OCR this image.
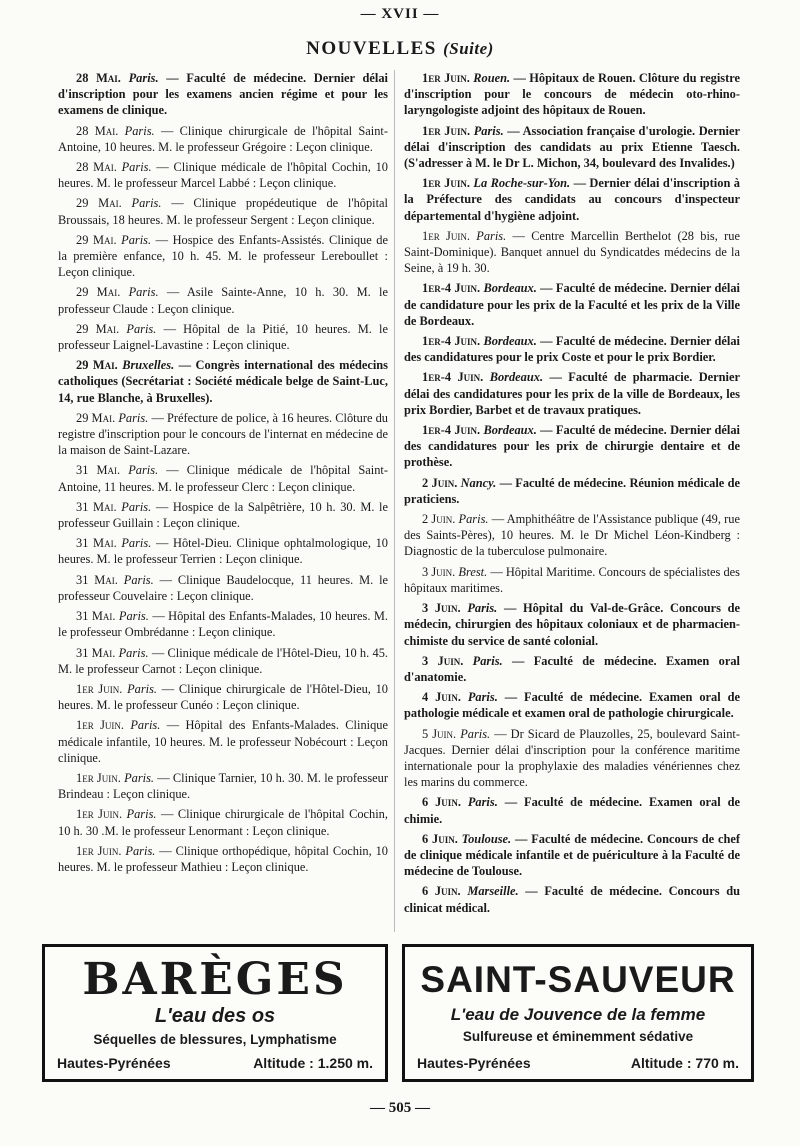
— XVII —
NOUVELLES (Suite)

28 Mai. Paris. — Faculté de médecine. Dernier délai d'inscription pour les examens ancien régime et pour les examens de clinique.

28 Mai. Paris. — Clinique chirurgicale de l'hôpital Saint-Antoine, 10 heures. M. le professeur Grégoire : Leçon clinique.

28 Mai. Paris. — Clinique médicale de l'hôpital Cochin, 10 heures. M. le professeur Marcel Labbé : Leçon clinique.

29 Mai. Paris. — Clinique propédeutique de l'hôpital Broussais, 18 heures. M. le professeur Sergent : Leçon clinique.

29 Mai. Paris. — Hospice des Enfants-Assistés. Clinique de la première enfance, 10 h. 45. M. le professeur Lereboullet : Leçon clinique.

29 Mai. Paris. — Asile Sainte-Anne, 10 h. 30. M. le professeur Claude : Leçon clinique.

29 Mai. Paris. — Hôpital de la Pitié, 10 heures. M. le professeur Laignel-Lavastine : Leçon clinique.

29 Mai. Bruxelles. — Congrès international des médecins catholiques (Secrétariat : Société médicale belge de Saint-Luc, 14, rue Blanche, à Bruxelles).

29 Mai. Paris. — Préfecture de police, à 16 heures. Clôture du registre d'inscription pour le concours de l'internat en médecine de la maison de Saint-Lazare.

31 Mai. Paris. — Clinique médicale de l'hôpital Saint-Antoine, 11 heures. M. le professeur Clerc : Leçon clinique.

31 Mai. Paris. — Hospice de la Salpêtrière, 10 h. 30. M. le professeur Guillain : Leçon clinique.

31 Mai. Paris. — Hôtel-Dieu. Clinique ophtalmologique, 10 heures. M. le professeur Terrien : Leçon clinique.

31 Mai. Paris. — Clinique Baudelocque, 11 heures. M. le professeur Couvelaire : Leçon clinique.

31 Mai. Paris. — Hôpital des Enfants-Malades, 10 heures. M. le professeur Ombrédanne : Leçon clinique.

31 Mai. Paris. — Clinique médicale de l'Hôtel-Dieu, 10 h. 45. M. le professeur Carnot : Leçon clinique.

1er Juin. Paris. — Clinique chirurgicale de l'Hôtel-Dieu, 10 heures. M. le professeur Cunéo : Leçon clinique.

1er Juin. Paris. — Hôpital des Enfants-Malades. Clinique médicale infantile, 10 heures. M. le professeur Nobécourt : Leçon clinique.

1er Juin. Paris. — Clinique Tarnier, 10 h. 30. M. le professeur Brindeau : Leçon clinique.

1er Juin. Paris. — Clinique chirurgicale de l'hôpital Cochin, 10 h. 30 .M. le professeur Lenormant : Leçon clinique.

1er Juin. Paris. — Clinique orthopédique, hôpital Cochin, 10 heures. M. le professeur Mathieu : Leçon clinique.

1er Juin. Rouen. — Hôpitaux de Rouen. Clôture du registre d'inscription pour le concours de médecin oto-rhino-laryngologiste adjoint des hôpitaux de Rouen.

1er Juin. Paris. — Association française d'urologie. Dernier délai d'inscription des candidats au prix Etienne Taesch. (S'adresser à M. le Dr L. Michon, 34, boulevard des Invalides.)

1er Juin. La Roche-sur-Yon. — Dernier délai d'inscription à la Préfecture des candidats au concours d'inspecteur départemental d'hygiène adjoint.

1er Juin. Paris. — Centre Marcellin Berthelot (28 bis, rue Saint-Dominique). Banquet annuel du Syndicatdes médecins de la Seine, à 19 h. 30.

1er-4 Juin. Bordeaux. — Faculté de médecine. Dernier délai de candidature pour les prix de la Faculté et les prix de la Ville de Bordeaux.

1er-4 Juin. Bordeaux. — Faculté de médecine. Dernier délai des candidatures pour le prix Coste et pour le prix Bordier.

1er-4 Juin. Bordeaux. — Faculté de pharmacie. Dernier délai des candidatures pour les prix de la ville de Bordeaux, les prix Bordier, Barbet et de travaux pratiques.

1er-4 Juin. Bordeaux. — Faculté de médecine. Dernier délai des candidatures pour les prix de chirurgie dentaire et de prothèse.

2 Juin. Nancy. — Faculté de médecine. Réunion médicale de praticiens.

2 Juin. Paris. — Amphithéâtre de l'Assistance publique (49, rue des Saints-Pères), 10 heures. M. le Dr Michel Léon-Kindberg : Diagnostic de la tuberculose pulmonaire.

3 Juin. Brest. — Hôpital Maritime. Concours de spécialistes des hôpitaux maritimes.

3 Juin. Paris. — Hôpital du Val-de-Grâce. Concours de médecin, chirurgien des hôpitaux coloniaux et de pharmacien-chimiste du service de santé colonial.

3 Juin. Paris. — Faculté de médecine. Examen oral d'anatomie.

4 Juin. Paris. — Faculté de médecine. Examen oral de pathologie médicale et examen oral de pathologie chirurgicale.

5 Juin. Paris. — Dr Sicard de Plauzolles, 25, boulevard Saint-Jacques. Dernier délai d'inscription pour la conférence maritime internationale pour la prophylaxie des maladies vénériennes chez les marins du commerce.

6 Juin. Paris. — Faculté de médecine. Examen oral de chimie.

6 Juin. Toulouse. — Faculté de médecine. Concours de chef de clinique médicale infantile et de puériculture à la Faculté de médecine de Toulouse.

6 Juin. Marseille. — Faculté de médecine. Concours du clinicat médical.

BARÈGES
L'eau des os
Séquelles de blessures, Lymphatisme
Hautes-Pyrénées	Altitude : 1.250 m.
SAINT-SAUVEUR
L'eau de Jouvence de la femme
Sulfureuse et éminemment sédative
Hautes-Pyrénées	Altitude : 770 m.
— 505 —
